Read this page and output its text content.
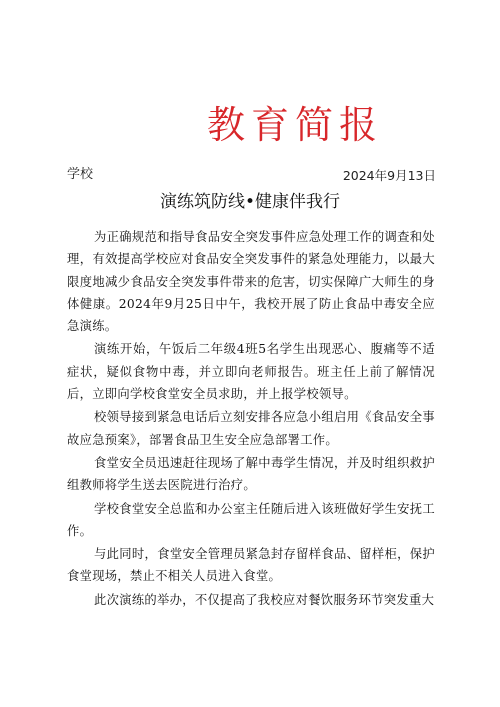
教育简报
学校	2024年9月13日
演练筑防线•健康伴我行

为正确规范和指导食品安全突发事件应急处理工作的调查和处理，有效提高学校应对食品安全突发事件的紧急处理能力，以最大限度地减少食品安全突发事件带来的危害，切实保障广大师生的身体健康。2024年9月25日中午，我校开展了防止食品中毒安全应急演练。

演练开始，午饭后二年级4班5名学生出现恶心、腹痛等不适症状，疑似食物中毒，并立即向老师报告。班主任上前了解情况后，立即向学校食堂安全员求助，并上报学校领导。

校领导接到紧急电话后立刻安排各应急小组启用《食品安全事故应急预案》，部署食品卫生安全应急部署工作。

食堂安全员迅速赶往现场了解中毒学生情况，并及时组织救护组教师将学生送去医院进行治疗。

学校食堂安全总监和办公室主任随后进入该班做好学生安抚工作。

与此同时，食堂安全管理员紧急封存留样食品、留样柜，保护食堂现场，禁止不相关人员进入食堂。

此次演练的举办，不仅提高了我校应对餐饮服务环节突发重大
